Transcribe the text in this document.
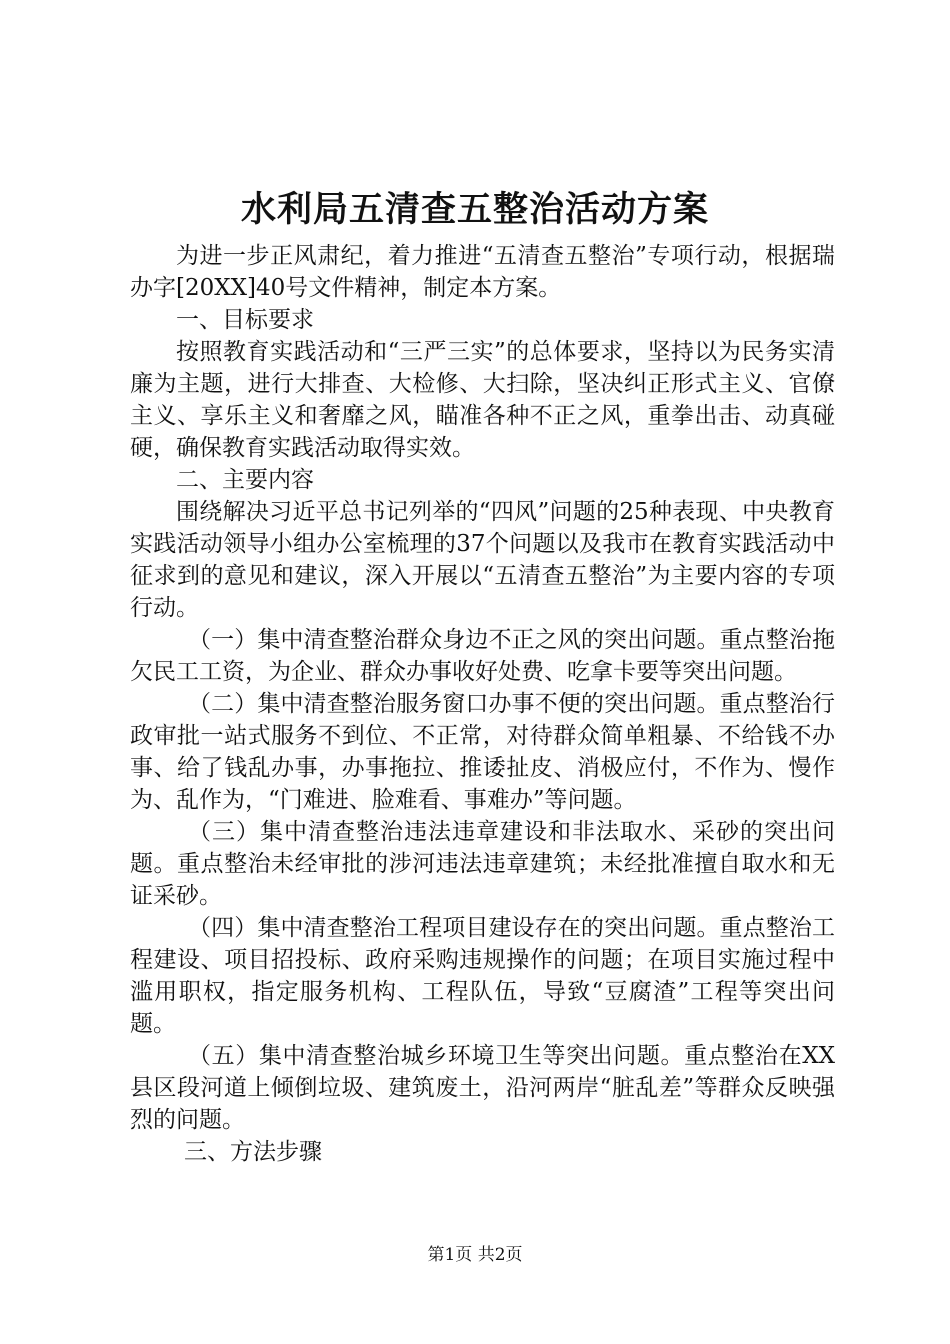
水利局五清查五整治活动方案

为进一步正风肃纪，着力推进“五清查五整治”专项行动，根据瑞办字[20XX]40号文件精神，制定本方案。

一、目标要求

按照教育实践活动和“三严三实”的总体要求，坚持以为民务实清廉为主题，进行大排查、大检修、大扫除，坚决纠正形式主义、官僚主义、享乐主义和奢靡之风，瞄准各种不正之风，重拳出击、动真碰硬，确保教育实践活动取得实效。

二、主要内容

围绕解决习近平总书记列举的“四风”问题的25种表现、中央教育实践活动领导小组办公室梳理的37个问题以及我市在教育实践活动中征求到的意见和建议，深入开展以“五清查五整治”为主要内容的专项行动。

（一）集中清查整治群众身边不正之风的突出问题。重点整治拖欠民工工资，为企业、群众办事收好处费、吃拿卡要等突出问题。

（二）集中清查整治服务窗口办事不便的突出问题。重点整治行政审批一站式服务不到位、不正常，对待群众简单粗暴、不给钱不办事、给了钱乱办事，办事拖拉、推诿扯皮、消极应付，不作为、慢作为、乱作为，“门难进、脸难看、事难办”等问题。

（三）集中清查整治违法违章建设和非法取水、采砂的突出问题。重点整治未经审批的涉河违法违章建筑；未经批准擅自取水和无证采砂。

（四）集中清查整治工程项目建设存在的突出问题。重点整治工程建设、项目招投标、政府采购违规操作的问题；在项目实施过程中滥用职权，指定服务机构、工程队伍，导致“豆腐渣”工程等突出问题。

（五）集中清查整治城乡环境卫生等突出问题。重点整治在XX县区段河道上倾倒垃圾、建筑废土，沿河两岸“脏乱差”等群众反映强烈的问题。

三、方法步骤

第1页 共2页
